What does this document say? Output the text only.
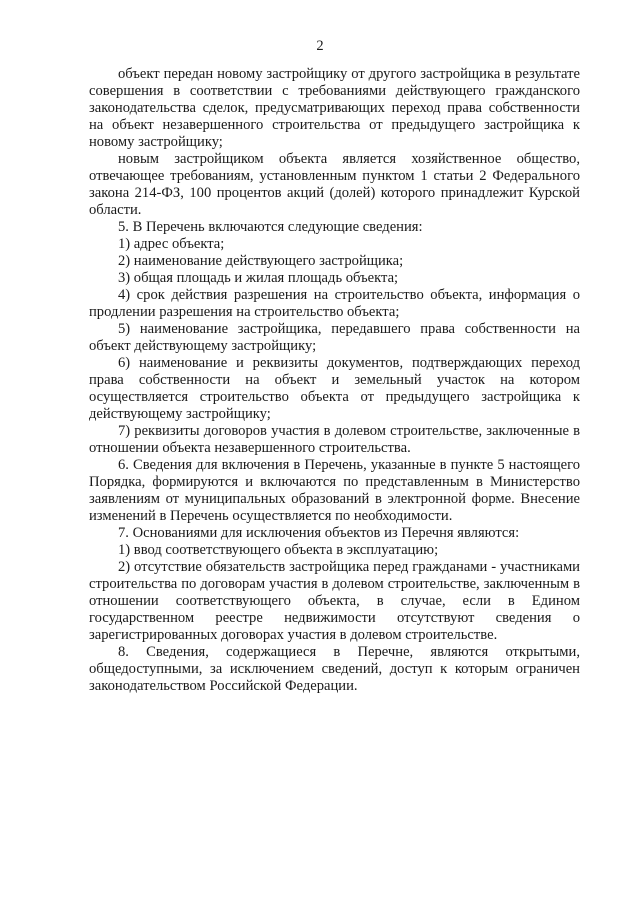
2

объект передан новому застройщику от другого застройщика в результате совершения в соответствии с требованиями действующего гражданского законодательства сделок, предусматривающих переход права собственности на объект незавершенного строительства от предыдущего застройщика к новому застройщику;

новым застройщиком объекта является хозяйственное общество, отвечающее требованиям, установленным пунктом 1 статьи 2 Федерального закона 214-ФЗ, 100 процентов акций (долей) которого принадлежит Курской области.

5. В Перечень включаются следующие сведения:

1) адрес объекта;

2) наименование действующего застройщика;

3) общая площадь и жилая площадь объекта;

4) срок действия разрешения на строительство объекта, информация о продлении разрешения на строительство объекта;

5) наименование застройщика, передавшего права собственности на объект действующему застройщику;

6) наименование и реквизиты документов, подтверждающих переход права собственности на объект и земельный участок на котором осуществляется строительство объекта от предыдущего застройщика к действующему застройщику;

7) реквизиты договоров участия в долевом строительстве, заключенные в отношении объекта незавершенного строительства.

6. Сведения для включения в Перечень, указанные в пункте 5 настоящего Порядка, формируются и включаются по представленным в Министерство заявлениям от муниципальных образований в электронной форме. Внесение изменений в Перечень осуществляется по необходимости.

7. Основаниями для исключения объектов из Перечня являются:

1) ввод соответствующего объекта в эксплуатацию;

2) отсутствие обязательств застройщика перед гражданами - участниками строительства по договорам участия в долевом строительстве, заключенным в отношении соответствующего объекта, в случае, если в Едином государственном реестре недвижимости отсутствуют сведения о зарегистрированных договорах участия в долевом строительстве.

8. Сведения, содержащиеся в Перечне, являются открытыми, общедоступными, за исключением сведений, доступ к которым ограничен законодательством Российской Федерации.
